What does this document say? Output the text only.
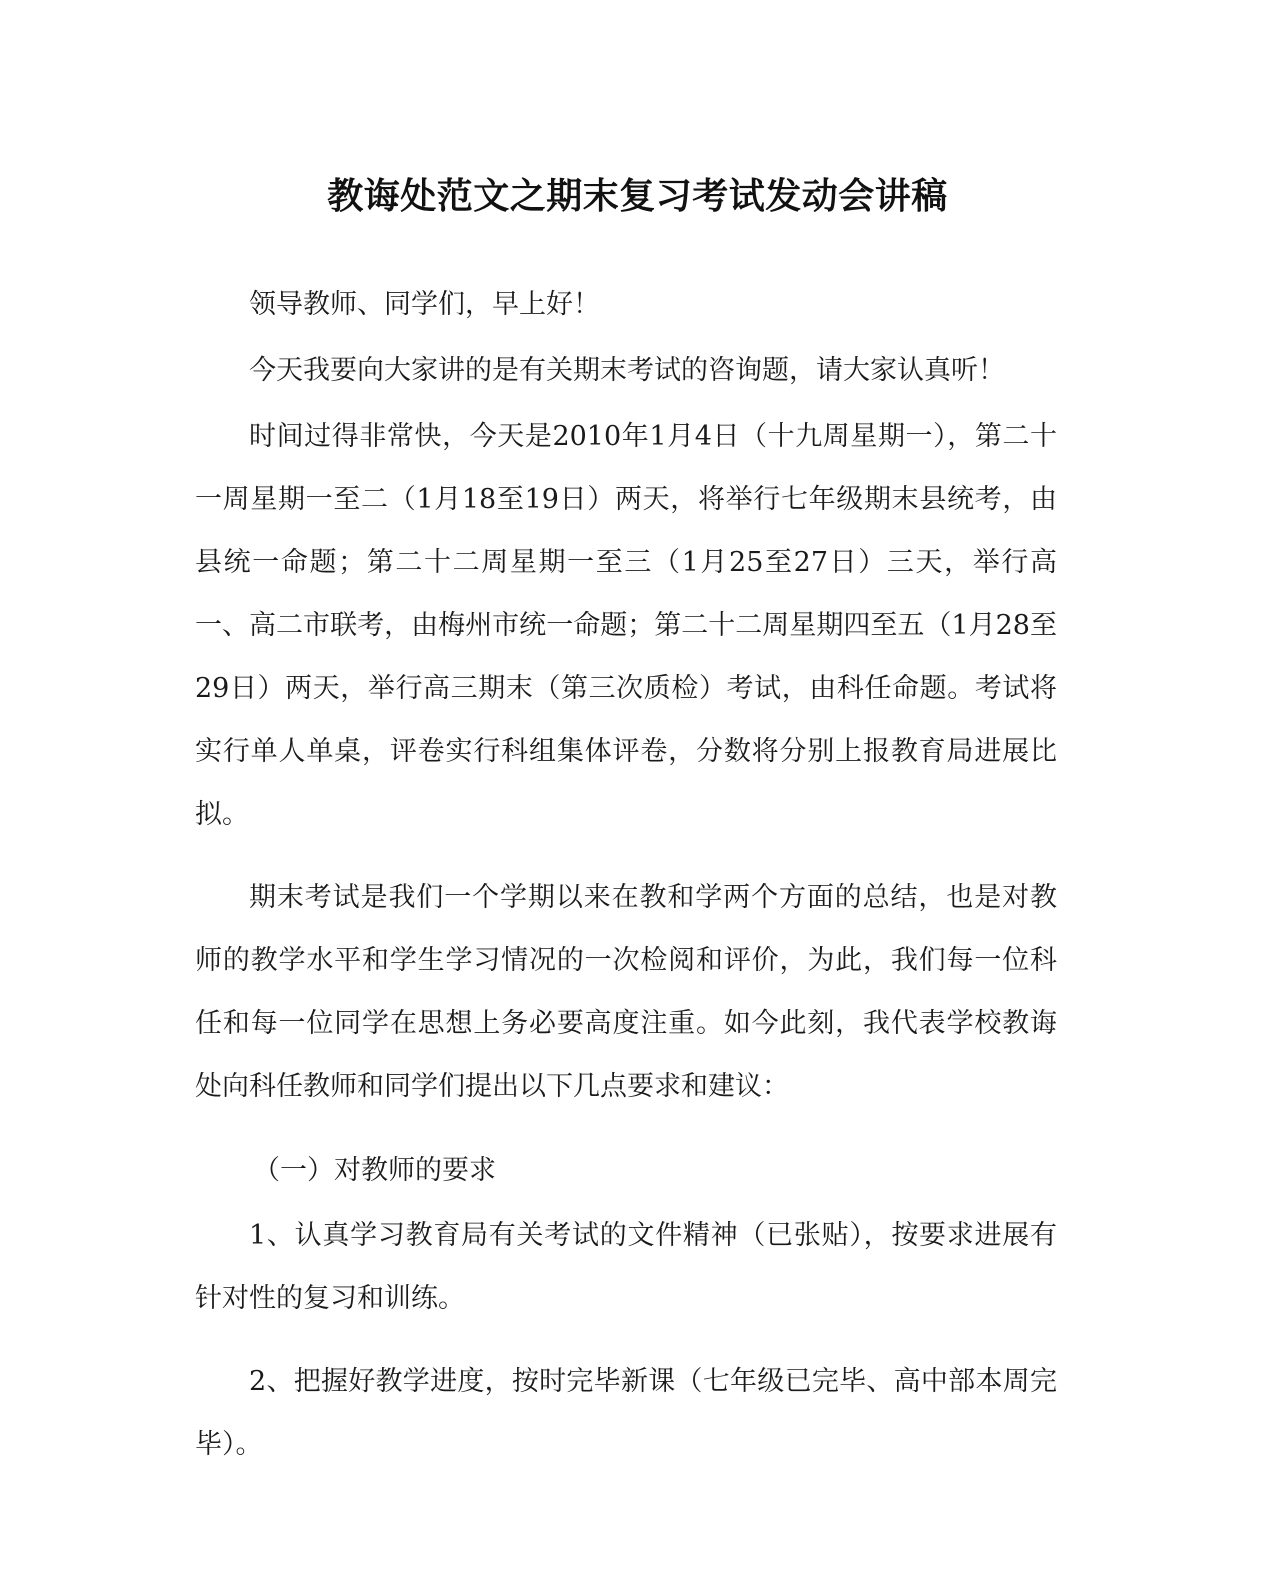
教诲处范文之期末复习考试发动会讲稿

领导教师、同学们，早上好！

今天我要向大家讲的是有关期末考试的咨询题，请大家认真听！

时间过得非常快，今天是2010年1月4日（十九周星期一），第二十一周星期一至二（1月18至19日）两天，将举行七年级期末县统考，由县统一命题；第二十二周星期一至三（1月25至27日）三天，举行高一、高二市联考，由梅州市统一命题；第二十二周星期四至五（1月28至29日）两天，举行高三期末（第三次质检）考试，由科任命题。考试将实行单人单桌，评卷实行科组集体评卷，分数将分别上报教育局进展比拟。

期末考试是我们一个学期以来在教和学两个方面的总结，也是对教师的教学水平和学生学习情况的一次检阅和评价，为此，我们每一位科任和每一位同学在思想上务必要高度注重。如今此刻，我代表学校教诲处向科任教师和同学们提出以下几点要求和建议：

（一）对教师的要求

1、认真学习教育局有关考试的文件精神（已张贴），按要求进展有针对性的复习和训练。

2、把握好教学进度，按时完毕新课（七年级已完毕、高中部本周完毕）。
